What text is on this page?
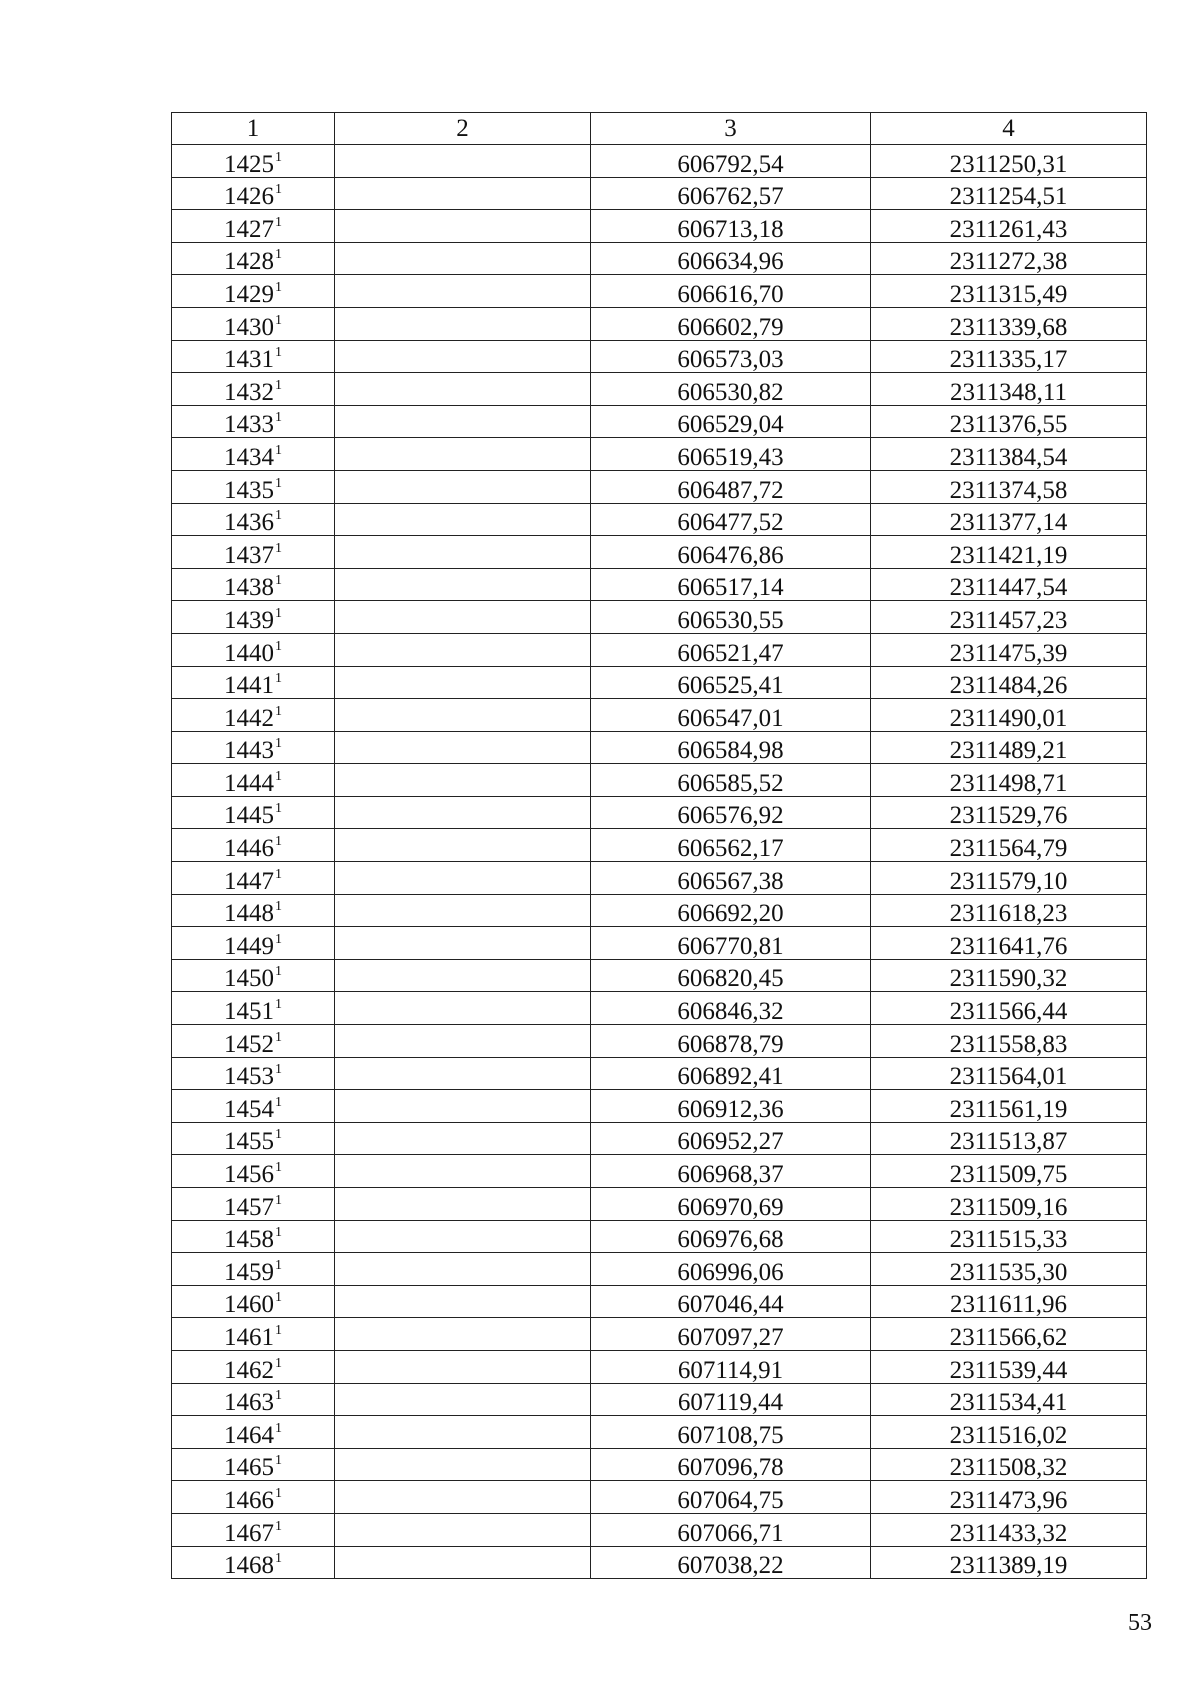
1	2	3	4
1425$^1$		606792,54	2311250,31
1426$^1$		606762,57	2311254,51
1427$^1$		606713,18	2311261,43
1428$^1$		606634,96	2311272,38
1429$^1$		606616,70	2311315,49
1430$^1$		606602,79	2311339,68
1431$^1$		606573,03	2311335,17
1432$^1$		606530,82	2311348,11
1433$^1$		606529,04	2311376,55
1434$^1$		606519,43	2311384,54
1435$^1$		606487,72	2311374,58
1436$^1$		606477,52	2311377,14
1437$^1$		606476,86	2311421,19
1438$^1$		606517,14	2311447,54
1439$^1$		606530,55	2311457,23
1440$^1$		606521,47	2311475,39
1441$^1$		606525,41	2311484,26
1442$^1$		606547,01	2311490,01
1443$^1$		606584,98	2311489,21
1444$^1$		606585,52	2311498,71
1445$^1$		606576,92	2311529,76
1446$^1$		606562,17	2311564,79
1447$^1$		606567,38	2311579,10
1448$^1$		606692,20	2311618,23
1449$^1$		606770,81	2311641,76
1450$^1$		606820,45	2311590,32
1451$^1$		606846,32	2311566,44
1452$^1$		606878,79	2311558,83
1453$^1$		606892,41	2311564,01
1454$^1$		606912,36	2311561,19
1455$^1$		606952,27	2311513,87
1456$^1$		606968,37	2311509,75
1457$^1$		606970,69	2311509,16
1458$^1$		606976,68	2311515,33
1459$^1$		606996,06	2311535,30
1460$^1$		607046,44	2311611,96
1461$^1$		607097,27	2311566,62
1462$^1$		607114,91	2311539,44
1463$^1$		607119,44	2311534,41
1464$^1$		607108,75	2311516,02
1465$^1$		607096,78	2311508,32
1466$^1$		607064,75	2311473,96
1467$^1$		607066,71	2311433,32
1468$^1$		607038,22	2311389,19
53
